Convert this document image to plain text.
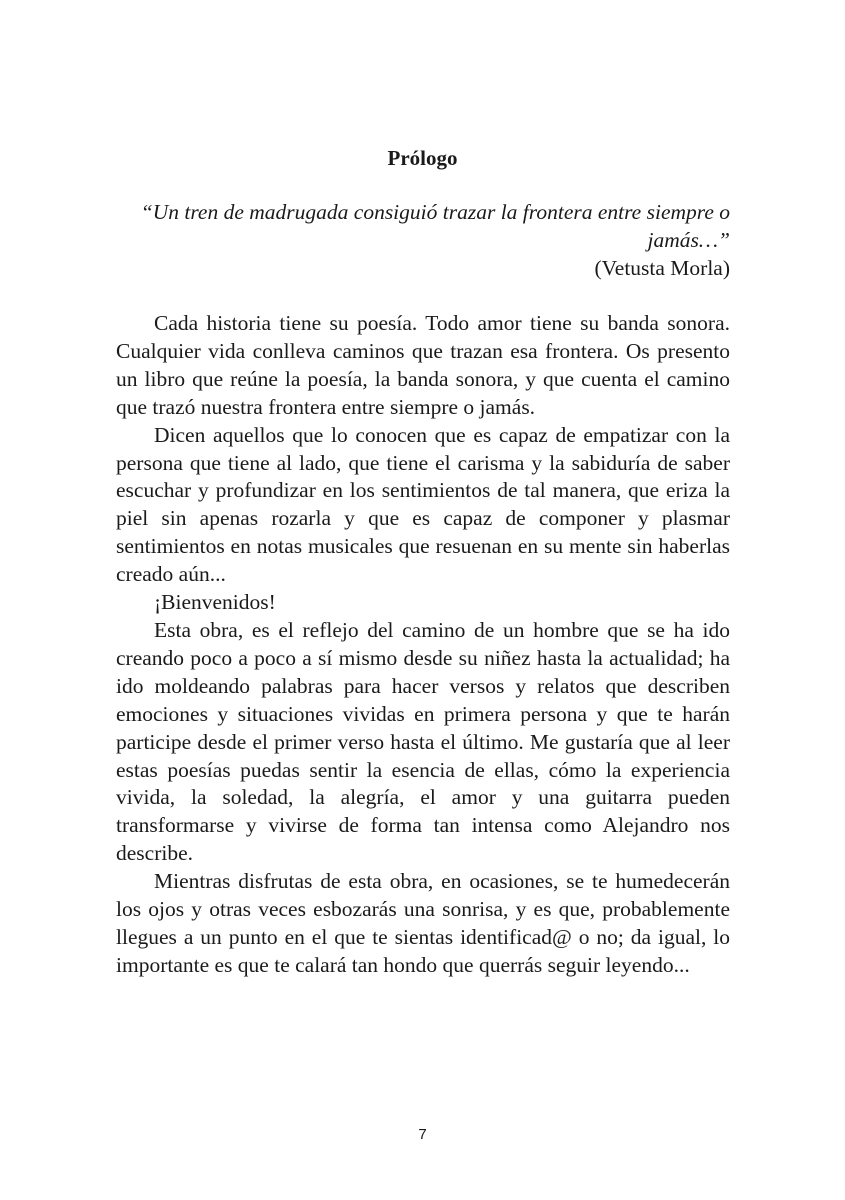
Prólogo
“Un tren de madrugada consiguió trazar la frontera entre siempre o jamás…”
(Vetusta Morla)

Cada historia tiene su poesía. Todo amor tiene su banda sonora. Cualquier vida conlleva caminos que trazan esa frontera. Os presento un libro que reúne la poesía, la banda sonora, y que cuenta el camino que trazó nuestra frontera entre siempre o jamás.

Dicen aquellos que lo conocen que es capaz de empatizar con la persona que tiene al lado, que tiene el carisma y la sabiduría de saber escuchar y profundizar en los sentimientos de tal manera, que eriza la piel sin apenas rozarla y que es capaz de componer y plasmar sentimientos en notas musicales que resuenan en su mente sin haberlas creado aún...

¡Bienvenidos!

Esta obra, es el reflejo del camino de un hombre que se ha ido creando poco a poco a sí mismo desde su niñez hasta la actualidad; ha ido moldeando palabras para hacer versos y relatos que describen emociones y situaciones vividas en primera persona y que te harán participe desde el primer verso hasta el último. Me gustaría que al leer estas poesías puedas sentir la esencia de ellas, cómo la experiencia vivida, la soledad, la alegría, el amor y una guitarra pueden transformarse y vivirse de forma tan intensa como Alejandro nos describe.

Mientras disfrutas de esta obra, en ocasiones, se te humedecerán los ojos y otras veces esbozarás una sonrisa, y es que, probablemente llegues a un punto en el que te sientas identificad@ o no; da igual, lo importante es que te calará tan hondo que querrás seguir leyendo...

7
